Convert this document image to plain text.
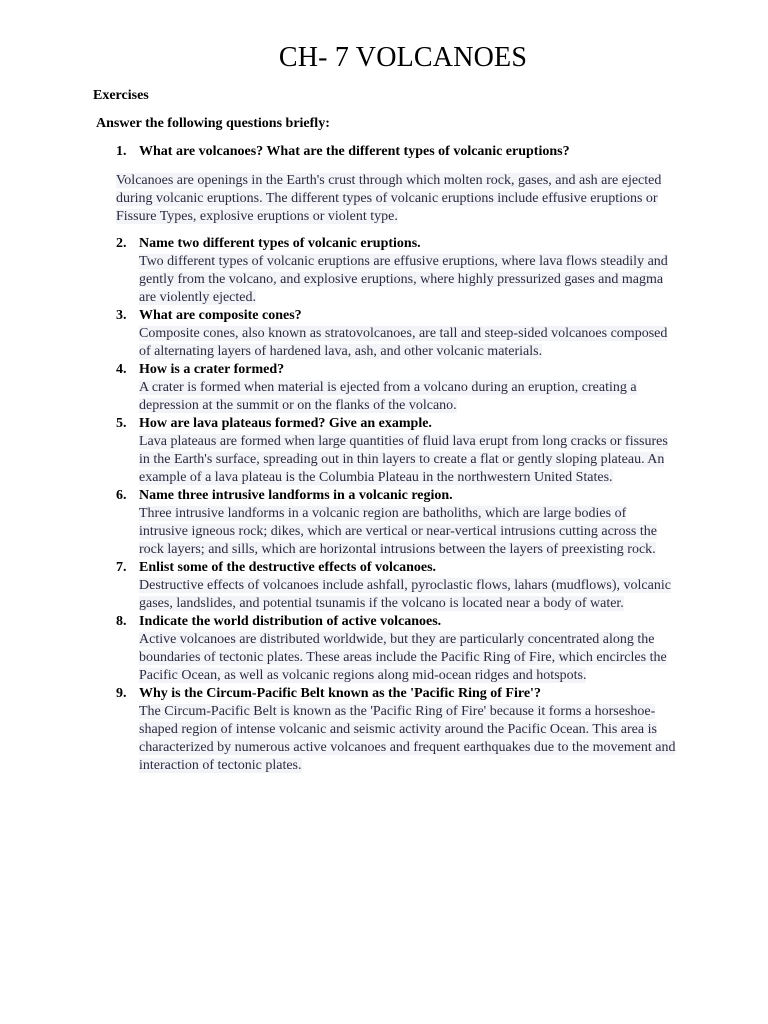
CH- 7 VOLCANOES
Exercises
Answer the following questions briefly:
1. What are volcanoes? What are the different types of volcanic eruptions?
Volcanoes are openings in the Earth's crust through which molten rock, gases, and ash are ejected during volcanic eruptions. The different types of volcanic eruptions include effusive eruptions or Fissure Types, explosive eruptions or violent type.
2. Name two different types of volcanic eruptions.
Two different types of volcanic eruptions are effusive eruptions, where lava flows steadily and gently from the volcano, and explosive eruptions, where highly pressurized gases and magma are violently ejected.
3. What are composite cones?
Composite cones, also known as stratovolcanoes, are tall and steep-sided volcanoes composed of alternating layers of hardened lava, ash, and other volcanic materials.
4. How is a crater formed?
A crater is formed when material is ejected from a volcano during an eruption, creating a depression at the summit or on the flanks of the volcano.
5. How are lava plateaus formed? Give an example.
Lava plateaus are formed when large quantities of fluid lava erupt from long cracks or fissures in the Earth's surface, spreading out in thin layers to create a flat or gently sloping plateau. An example of a lava plateau is the Columbia Plateau in the northwestern United States.
6. Name three intrusive landforms in a volcanic region.
Three intrusive landforms in a volcanic region are batholiths, which are large bodies of intrusive igneous rock; dikes, which are vertical or near-vertical intrusions cutting across the rock layers; and sills, which are horizontal intrusions between the layers of preexisting rock.
7. Enlist some of the destructive effects of volcanoes.
Destructive effects of volcanoes include ashfall, pyroclastic flows, lahars (mudflows), volcanic gases, landslides, and potential tsunamis if the volcano is located near a body of water.
8. Indicate the world distribution of active volcanoes.
Active volcanoes are distributed worldwide, but they are particularly concentrated along the boundaries of tectonic plates. These areas include the Pacific Ring of Fire, which encircles the Pacific Ocean, as well as volcanic regions along mid-ocean ridges and hotspots.
9. Why is the Circum-Pacific Belt known as the 'Pacific Ring of Fire'?
The Circum-Pacific Belt is known as the 'Pacific Ring of Fire' because it forms a horseshoe-shaped region of intense volcanic and seismic activity around the Pacific Ocean. This area is characterized by numerous active volcanoes and frequent earthquakes due to the movement and interaction of tectonic plates.
